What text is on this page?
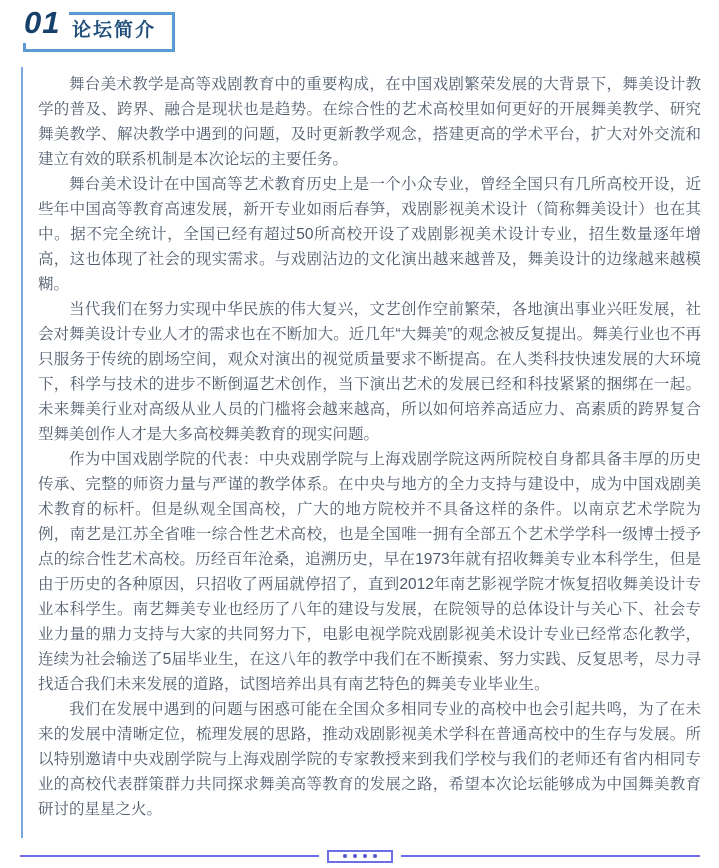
01 论坛简介

舞台美术教学是高等戏剧教育中的重要构成，在中国戏剧繁荣发展的大背景下，舞美设计教学的普及、跨界、融合是现状也是趋势。在综合性的艺术高校里如何更好的开展舞美教学、研究舞美教学、解决教学中遇到的问题，及时更新教学观念，搭建更高的学术平台，扩大对外交流和建立有效的联系机制是本次论坛的主要任务。

舞台美术设计在中国高等艺术教育历史上是一个小众专业，曾经全国只有几所高校开设，近些年中国高等教育高速发展，新开专业如雨后春笋，戏剧影视美术设计（简称舞美设计）也在其中。据不完全统计，全国已经有超过50所高校开设了戏剧影视美术设计专业，招生数量逐年增高，这也体现了社会的现实需求。与戏剧沾边的文化演出越来越普及，舞美设计的边缘越来越模糊。

当代我们在努力实现中华民族的伟大复兴，文艺创作空前繁荣，各地演出事业兴旺发展，社会对舞美设计专业人才的需求也在不断加大。近几年“大舞美”的观念被反复提出。舞美行业也不再只服务于传统的剧场空间，观众对演出的视觉质量要求不断提高。在人类科技快速发展的大环境下，科学与技术的进步不断倒逼艺术创作，当下演出艺术的发展已经和科技紧紧的捆绑在一起。未来舞美行业对高级从业人员的门槛将会越来越高，所以如何培养高适应力、高素质的跨界复合型舞美创作人才是大多高校舞美教育的现实问题。

作为中国戏剧学院的代表：中央戏剧学院与上海戏剧学院这两所院校自身都具备丰厚的历史传承、完整的师资力量与严谨的教学体系。在中央与地方的全力支持与建设中，成为中国戏剧美术教育的标杆。但是纵观全国高校，广大的地方院校并不具备这样的条件。以南京艺术学院为例，南艺是江苏全省唯一综合性艺术高校，也是全国唯一拥有全部五个艺术学学科一级博士授予点的综合性艺术高校。历经百年沧桑，追溯历史，早在1973年就有招收舞美专业本科学生，但是由于历史的各种原因，只招收了两届就停招了，直到2012年南艺影视学院才恢复招收舞美设计专业本科学生。南艺舞美专业也经历了八年的建设与发展，在院领导的总体设计与关心下、社会专业力量的鼎力支持与大家的共同努力下，电影电视学院戏剧影视美术设计专业已经常态化教学，连续为社会输送了5届毕业生，在这八年的教学中我们在不断摸索、努力实践、反复思考，尽力寻找适合我们未来发展的道路，试图培养出具有南艺特色的舞美专业毕业生。

我们在发展中遇到的问题与困惑可能在全国众多相同专业的高校中也会引起共鸣，为了在未来的发展中清晰定位，梳理发展的思路，推动戏剧影视美术学科在普通高校中的生存与发展。所以特别邀请中央戏剧学院与上海戏剧学院的专家教授来到我们学校与我们的老师还有省内相同专业的高校代表群策群力共同探求舞美高等教育的发展之路，希望本次论坛能够成为中国舞美教育研讨的星星之火。
